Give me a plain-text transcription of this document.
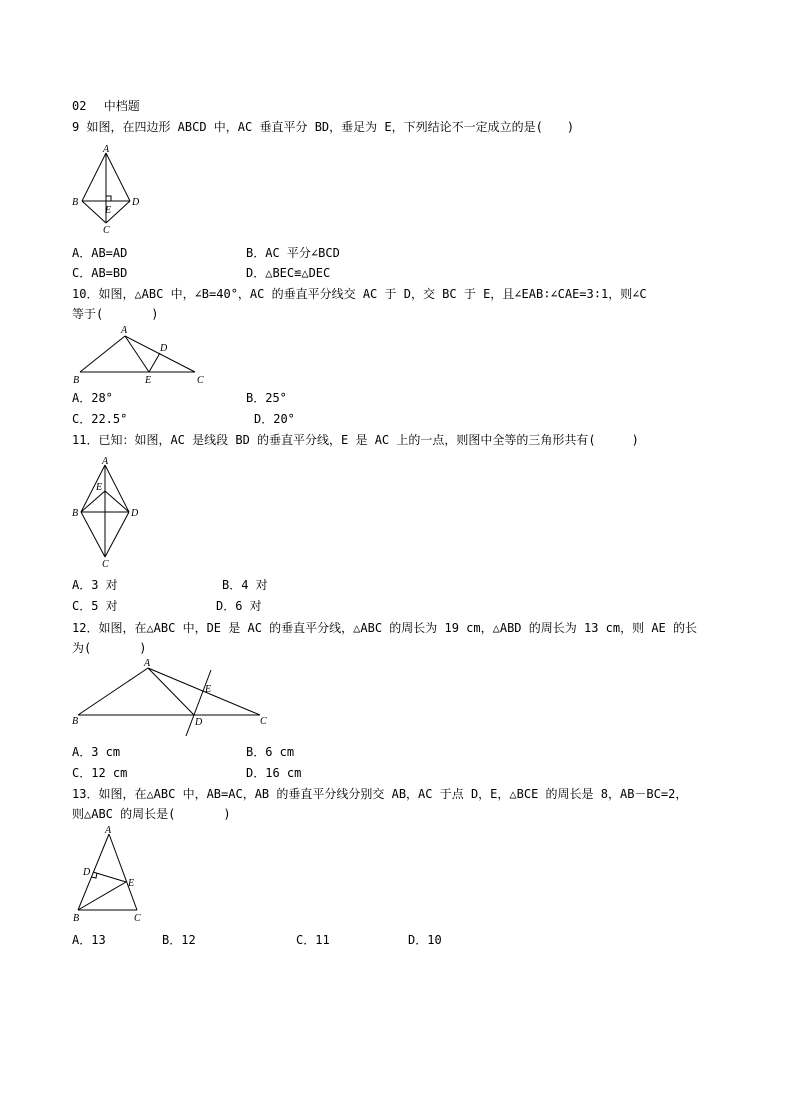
02 中档题
9 如图，在四边形 ABCD 中，AC 垂直平分 BD，垂足为 E，下列结论不一定成立的是(　　)
A
B	D
E
C
A．AB=AD	B．AC 平分∠BCD
C．AB=BD	D．△BEC≌△DEC
10．如图，△ABC 中，∠B=40°，AC 的垂直平分线交 AC 于 D，交 BC 于 E，且∠EAB∶∠CAE=3∶1，则∠C
等于(　　　　)
A
D
B	E	C
A．28°	B．25°
C．22.5°	D．20°
11．已知：如图，AC 是线段 BD 的垂直平分线，E 是 AC 上的一点，则图中全等的三角形共有(　　　)
A
E
B	D
C
A．3 对	B．4 对
C．5 对	D．6 对
12．如图，在△ABC 中，DE 是 AC 的垂直平分线，△ABC 的周长为 19 cm，△ABD 的周长为 13 cm，则 AE 的长
为(　　　　)
A
E
B	D	C
A．3 cm	B．6 cm
C．12 cm	D．16 cm
13．如图，在△ABC 中，AB=AC，AB 的垂直平分线分别交 AB，AC 于点 D，E，△BCE 的周长是 8，AB－BC=2，
则△ABC 的周长是(　　　　)
A
D
E
B	C
A．13	B．12	C．11	D．10
